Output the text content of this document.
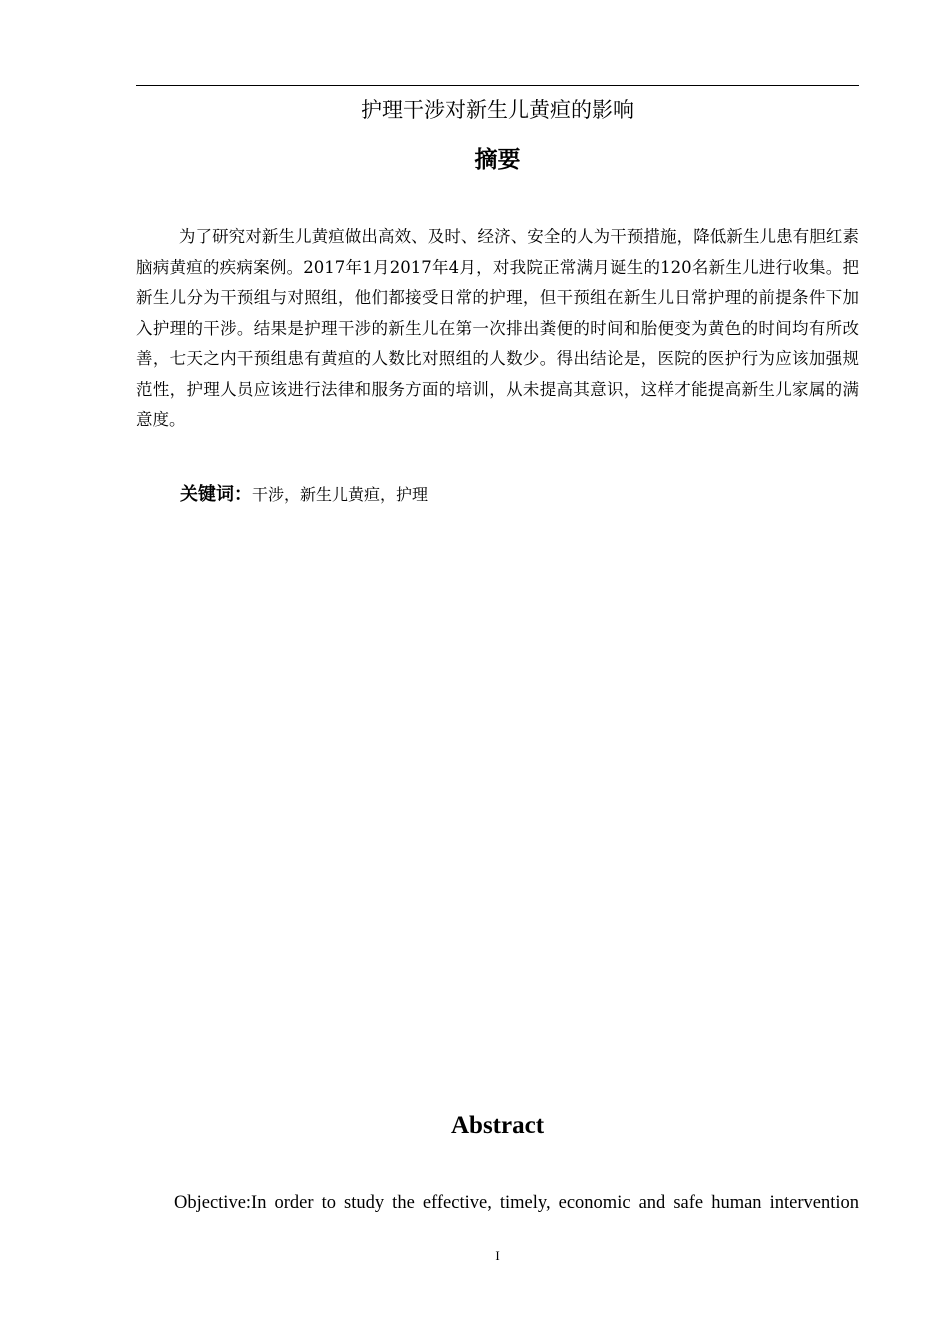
护理干涉对新生儿黄疸的影响
摘要

为了研究对新生儿黄疸做出高效、及时、经济、安全的人为干预措施，降低新生儿患有胆红素脑病黄疸的疾病案例。2017年1月2017年4月，对我院正常满月诞生的120名新生儿进行收集。把新生儿分为干预组与对照组，他们都接受日常的护理，但干预组在新生儿日常护理的前提条件下加入护理的干涉。结果是护理干涉的新生儿在第一次排出粪便的时间和胎便变为黄色的时间均有所改善，七天之内干预组患有黄疸的人数比对照组的人数少。得出结论是，医院的医护行为应该加强规范性，护理人员应该进行法律和服务方面的培训，从未提高其意识，这样才能提高新生儿家属的满意度。

关键词：干涉，新生儿黄疸，护理

Abstract

Objective:In order to study the effective, timely, economic and safe human intervention

I
